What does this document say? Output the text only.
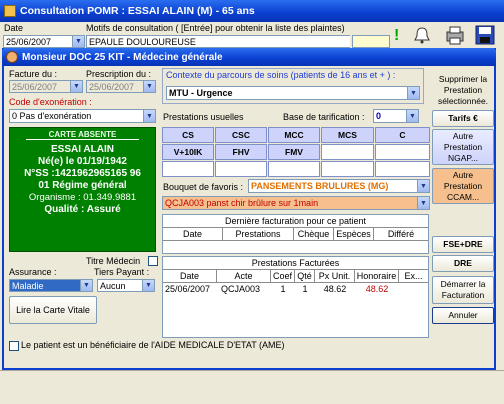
Consultation POMR : ESSAI ALAIN (M) - 65 ans
Date	Motifs de consultation ( [Entrée] pour obtenir la liste des plaintes)
25/06/2007	▼ EPAULE DOULOUREUSE	!
Monsieur DOC 25 KIT - Médecine générale
Facture du :
25/06/2007	▼
Prescription du :
25/06/2007	▼
Code d'exonération :
0 Pas d'exonération	▼
CARTE ABSENTE
ESSAI ALAIN
Né(e) le 01/19/1942
N°SS :1421962965165 96
01 Régime général
Organisme : 01.349.9881
Qualité : Assuré
Titre Médecin
Assurance :	Tiers Payant :
Maladie	▼ Aucun	▼
Lire la Carte Vitale
Contexte du parcours de soins (patients de 16 ans et + ) :
MTU - Urgence	▼
Prestations usuelles	Base de tarification : 0	▼
CS	CSC	MCC	MCS	C
V+10IK	FHV	FMV
Bouquet de favoris : PANSEMENTS BRULURES (MG)	▼
QCJA003 panst chir brûlure sur 1main	▼
Dernière facturation pour ce patient
Date	Prestations	Chèque Espèces	Différé
Prestations Facturées
Date	Acte	Coef Qté Px Unit. Honoraire Ex...
25/06/2007	QCJA003	1	1	48.62	48.62
Supprimer la Prestation sélectionnée.
Tarifs €
Autre Prestation NGAP...
Autre Prestation CCAM...
FSE+DRE
DRE
Démarrer la Facturation
Annuler
Le patient est un bénéficiaire de l'AIDE MEDICALE D'ETAT (AME)
